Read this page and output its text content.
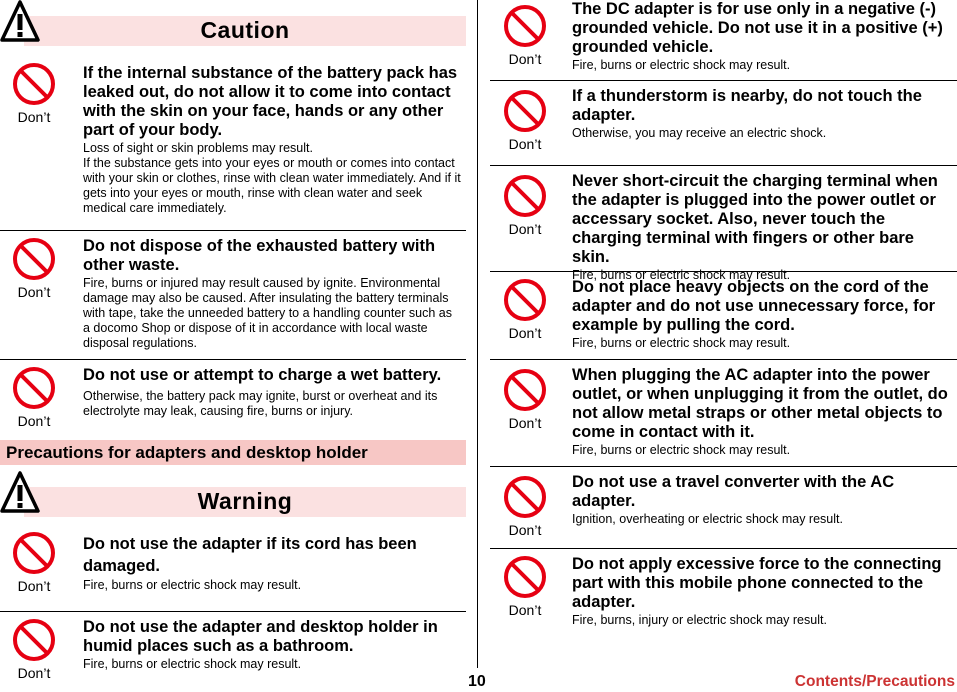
Caution
Don’t
If the internal substance of the battery pack has leaked out, do not allow it to come into contact with the skin on your face, hands or any other part of your body.
Loss of sight or skin problems may result.
If the substance gets into your eyes or mouth or comes into contact with your skin or clothes, rinse with clean water immediately. And if it gets into your eyes or mouth, rinse with clean water and seek medical care immediately.
Don’t
Do not dispose of the exhausted battery with other waste.
Fire, burns or injured may result caused by ignite. Environmental damage may also be caused. After insulating the battery terminals with tape, take the unneeded battery to a handling counter such as a docomo Shop or dispose of it in accordance with local waste disposal regulations.
Don’t
Do not use or attempt to charge a wet battery.
Otherwise, the battery pack may ignite, burst or overheat and its electrolyte may leak, causing fire, burns or injury.
Precautions for adapters and desktop holder
Warning
Don’t
Do not use the adapter if its cord has been damaged.
Fire, burns or electric shock may result.
Don’t
Do not use the adapter and desktop holder in humid places such as a bathroom.
Fire, burns or electric shock may result.
Don’t
The DC adapter is for use only in a negative (-) grounded vehicle. Do not use it in a positive (+) grounded vehicle.
Fire, burns or electric shock may result.
Don’t
If a thunderstorm is nearby, do not touch the adapter.
Otherwise, you may receive an electric shock.
Don’t
Never short-circuit the charging terminal when the adapter is plugged into the power outlet or accessary socket. Also, never touch the charging terminal with fingers or other bare skin.
Fire, burns or electric shock may result.
Don’t
Do not place heavy objects on the cord of the adapter and do not use unnecessary force, for example by pulling the cord.
Fire, burns or electric shock may result.
Don’t
When plugging the AC adapter into the power outlet, or when unplugging it from the outlet, do not allow metal straps or other metal objects to come in contact with it.
Fire, burns or electric shock may result.
Don’t
Do not use a travel converter with the AC adapter.
Ignition, overheating or electric shock may result.
Don’t
Do not apply excessive force to the connecting part with this mobile phone connected to the adapter.
Fire, burns, injury or electric shock may result.
10	Contents/Precautions
